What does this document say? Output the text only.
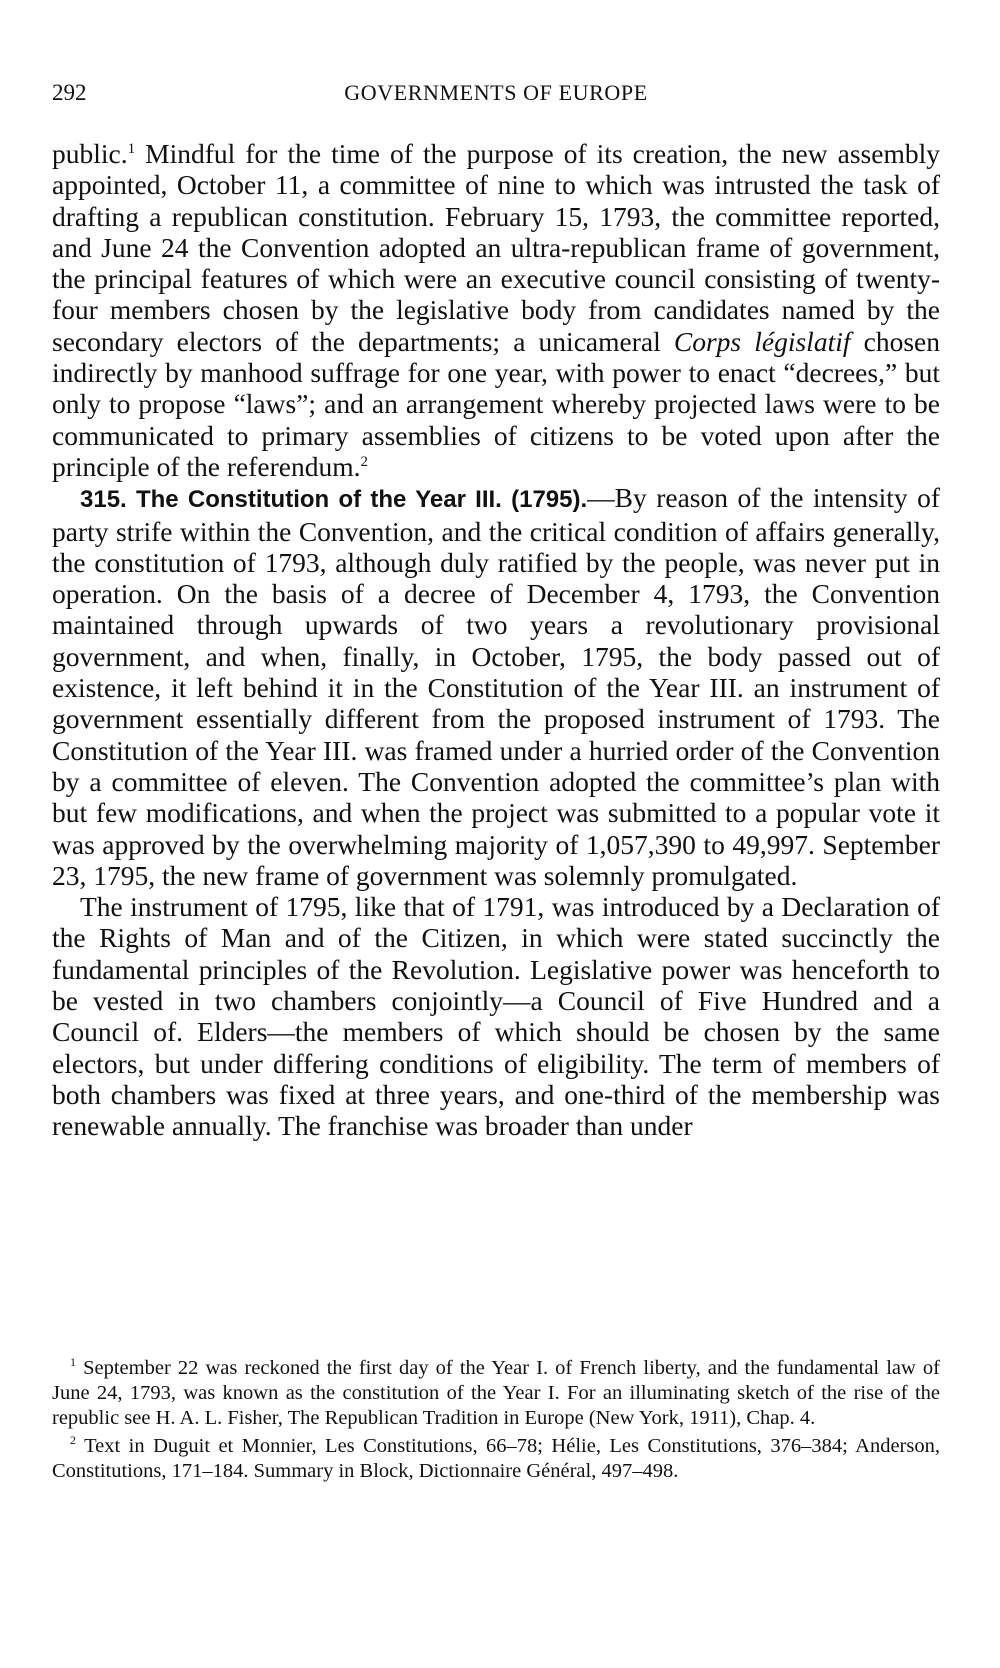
292	GOVERNMENTS OF EUROPE

public.$^1$ Mindful for the time of the purpose of its creation, the new assembly appointed, October 11, a committee of nine to which was intrusted the task of drafting a republican constitution. February 15, 1793, the committee reported, and June 24 the Convention adopted an ultra-republican frame of government, the principal features of which were an executive council consisting of twenty-four members chosen by the legislative body from candidates named by the secondary electors of the departments; a unicameral Corps législatif chosen indirectly by manhood suffrage for one year, with power to enact “decrees,” but only to propose “laws”; and an arrangement whereby projected laws were to be communicated to primary assemblies of citizens to be voted upon after the principle of the referendum.$^2$

315. The Constitution of the Year III. (1795).—By reason of the intensity of party strife within the Convention, and the critical condition of affairs generally, the constitution of 1793, although duly ratified by the people, was never put in operation. On the basis of a decree of December 4, 1793, the Convention maintained through upwards of two years a revolutionary provisional government, and when, finally, in October, 1795, the body passed out of existence, it left behind it in the Constitution of the Year III. an instrument of government essentially different from the proposed instrument of 1793. The Constitution of the Year III. was framed under a hurried order of the Convention by a committee of eleven. The Convention adopted the committee’s plan with but few modifications, and when the project was submitted to a popular vote it was approved by the overwhelming majority of 1,057,390 to 49,997. September 23, 1795, the new frame of government was solemnly promulgated.

The instrument of 1795, like that of 1791, was introduced by a Declaration of the Rights of Man and of the Citizen, in which were stated succinctly the fundamental principles of the Revolution. Legislative power was henceforth to be vested in two chambers conjointly—a Council of Five Hundred and a Council of. Elders—the members of which should be chosen by the same electors, but under differing conditions of eligibility. The term of members of both chambers was fixed at three years, and one-third of the membership was renewable annually. The franchise was broader than under

$^1$ September 22 was reckoned the first day of the Year I. of French liberty, and the fundamental law of June 24, 1793, was known as the constitution of the Year I. For an illuminating sketch of the rise of the republic see H. A. L. Fisher, The Republican Tradition in Europe (New York, 1911), Chap. 4.

$^2$ Text in Duguit et Monnier, Les Constitutions, 66–78; Hélie, Les Constitutions, 376–384; Anderson, Constitutions, 171–184. Summary in Block, Dictionnaire Général, 497–498.
